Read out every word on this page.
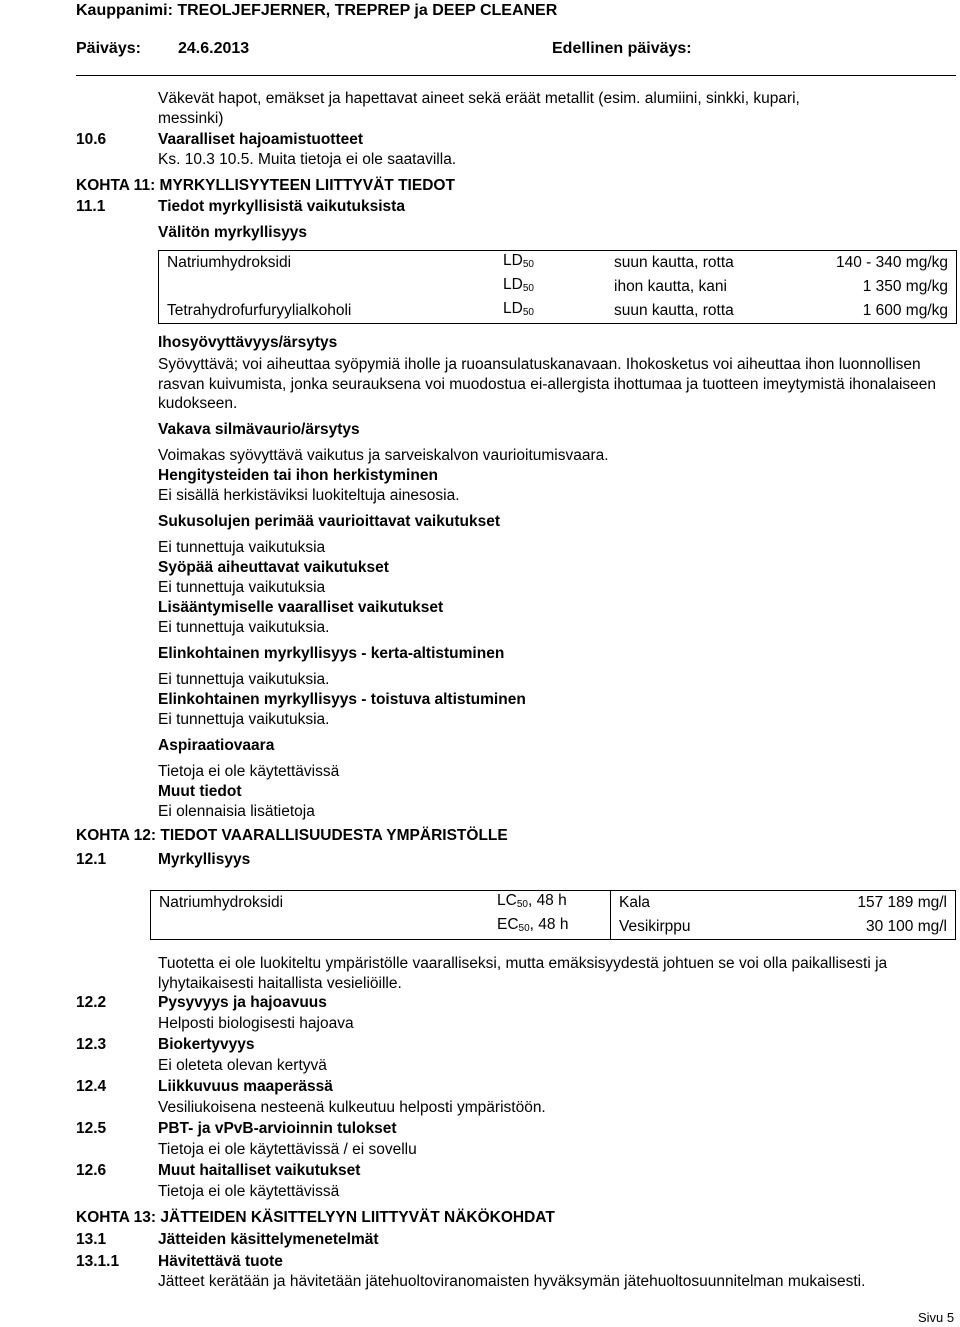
Kauppanimi: TREOLJEFJERNER, TREPREP ja DEEP CLEANER
Päiväys: 24.6.2013	Edellinen päiväys:
Väkevät hapot, emäkset ja hapettavat aineet sekä eräät metallit (esim. alumiini, sinkki, kupari,
messinki)
10.6	Vaaralliset hajoamistuotteet
Ks. 10.3 10.5. Muita tietoja ei ole saatavilla.
KOHTA 11: MYRKYLLISYYTEEN LIITTYVÄT TIEDOT
11.1	Tiedot myrkyllisistä vaikutuksista
Välitön myrkyllisyys
Natriumhydroksidi	$LD_{50}$	suun kautta, rotta	140 - 340 mg/kg
	$LD_{50}$	ihon kautta, kani	1 350 mg/kg
Tetrahydrofurfuryylialkoholi	$LD_{50}$	suun kautta, rotta	1 600 mg/kg
Ihosyövyttävyys/ärsytys
Syövyttävä; voi aiheuttaa syöpymiä iholle ja ruoansulatuskanavaan. Ihokosketus voi aiheuttaa ihon luonnollisen rasvan kuivumista, jonka seurauksena voi muodostua ei-allergista ihottumaa ja tuotteen imeytymistä ihonalaiseen kudokseen.
Vakava silmävaurio/ärsytys
Voimakas syövyttävä vaikutus ja sarveiskalvon vaurioitumisvaara.
Hengitysteiden tai ihon herkistyminen
Ei sisällä herkistäviksi luokiteltuja ainesosia.
Sukusolujen perimää vaurioittavat vaikutukset
Ei tunnettuja vaikutuksia
Syöpää aiheuttavat vaikutukset
Ei tunnettuja vaikutuksia
Lisääntymiselle vaaralliset vaikutukset
Ei tunnettuja vaikutuksia.
Elinkohtainen myrkyllisyys - kerta-altistuminen
Ei tunnettuja vaikutuksia.
Elinkohtainen myrkyllisyys - toistuva altistuminen
Ei tunnettuja vaikutuksia.
Aspiraatiovaara
Tietoja ei ole käytettävissä
Muut tiedot
Ei olennaisia lisätietoja
KOHTA 12: TIEDOT VAARALLISUUDESTA YMPÄRISTÖLLE
12.1	Myrkyllisyys
Natriumhydroksidi	$LC_{50}$, 48 h	Kala	157 189 mg/l
	$EC_{50}$, 48 h	Vesikirppu	30 100 mg/l
Tuotetta ei ole luokiteltu ympäristölle vaaralliseksi, mutta emäksisyydestä johtuen se voi olla paikallisesti ja lyhytaikaisesti haitallista vesieliöille.
12.2	Pysyvyys ja hajoavuus
Helposti biologisesti hajoava
12.3	Biokertyvyys
Ei oleteta olevan kertyvä
12.4	Liikkuvuus maaperässä
Vesiliukoisena nesteenä kulkeutuu helposti ympäristöön.
12.5	PBT- ja vPvB-arvioinnin tulokset
Tietoja ei ole käytettävissä / ei sovellu
12.6	Muut haitalliset vaikutukset
Tietoja ei ole käytettävissä
KOHTA 13: JÄTTEIDEN KÄSITTELYYN LIITTYVÄT NÄKÖKOHDAT
13.1	Jätteiden käsittelymenetelmät
13.1.1	Hävitettävä tuote
Jätteet kerätään ja hävitetään jätehuoltoviranomaisten hyväksymän jätehuoltosuunnitelman mukaisesti.
Sivu 5
